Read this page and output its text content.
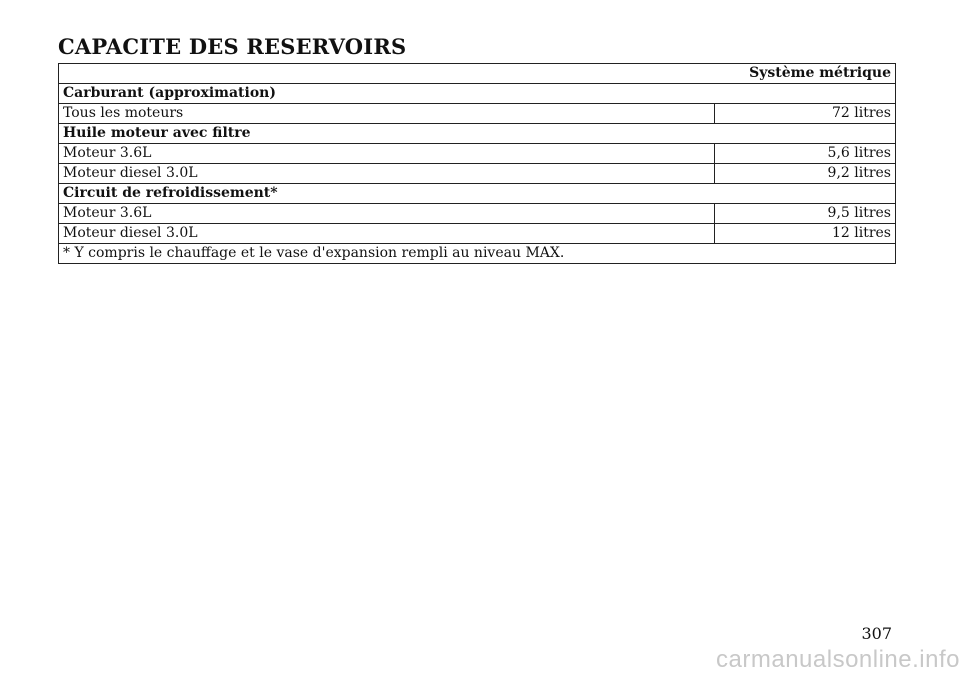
CAPACITE DES RESERVOIRS
Système métrique	
Carburant (approximation)	
Tous les moteurs	72 litres
Huile moteur avec filtre	
Moteur 3.6L	5,6 litres
Moteur diesel 3.0L	9,2 litres
Circuit de refroidissement*	
Moteur 3.6L	9,5 litres
Moteur diesel 3.0L	12 litres
* Y compris le chauffage et le vase d'expansion rempli au niveau MAX.	
307
carmanualsonline.info
